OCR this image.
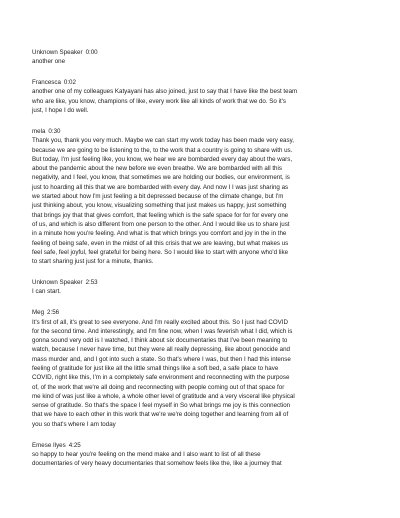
Unknown Speaker 0:00
another one
Francesca 0:02
another one of my colleagues Katyayani has also joined, just to say that I have like the best team
who are like, you know, champions of like, every work like all kinds of work that we do. So it's
just, I hope I do well.
mela 0:30
Thank you, thank you very much. Maybe we can start my work today has been made very easy,
because we are going to be listening to the, to the work that a country is going to share with us.
But today, I'm just feeling like, you know, we hear we are bombarded every day about the wars,
about the pandemic about the new before we even breathe. We are bombarded with all this
negativity, and I feel, you know, that sometimes we are holding our bodies, our environment, is
just to hoarding all this that we are bombarded with every day. And now I I was just sharing as
we started about how I'm just feeling a bit depressed because of the climate change, but I'm
just thinking about, you know, visualizing something that just makes us happy, just something
that brings joy that that gives comfort, that feeling which is the safe space for for for every one
of us, and which is also different from one person to the other. And I would like us to share just
in a minute how you're feeling. And what is that which brings you comfort and joy in the in the
feeling of being safe, even in the midst of all this crisis that we are leaving, but what makes us
feel safe, feel joyful, feel grateful for being here. So I would like to start with anyone who'd like
to start sharing just just for a minute, thanks.
Unknown Speaker 2:53
I can start.
Meg 2:56
It's first of all, it's great to see everyone. And I'm really excited about this. So I just had COVID
for the second time. And interestingly, and I'm fine now, when I was feverish what I did, which is
gonna sound very odd is I watched, I think about six documentaries that I've been meaning to
watch, because I never have time, but they were all really depressing, like about genocide and
mass murder and, and I got into such a state. So that's where I was, but then I had this intense
feeling of gratitude for just like all the little small things like a soft bed, a safe place to have
COVID, right like this, I'm in a completely safe environment and reconnecting with the purpose
of, of the work that we're all doing and reconnecting with people coming out of that space for
me kind of was just like a whole, a whole other level of gratitude and a very visceral like physical
sense of gratitude. So that's the space I feel myself in So what brings me joy is this connection
that we have to each other in this work that we're we're doing together and learning from all of
you so that's where I am today
Emese Ilyes 4:25
so happy to hear you're feeling on the mend make and I also want to list of all these
documentaries of very heavy documentaries that somehow feels like the, like a journey that
